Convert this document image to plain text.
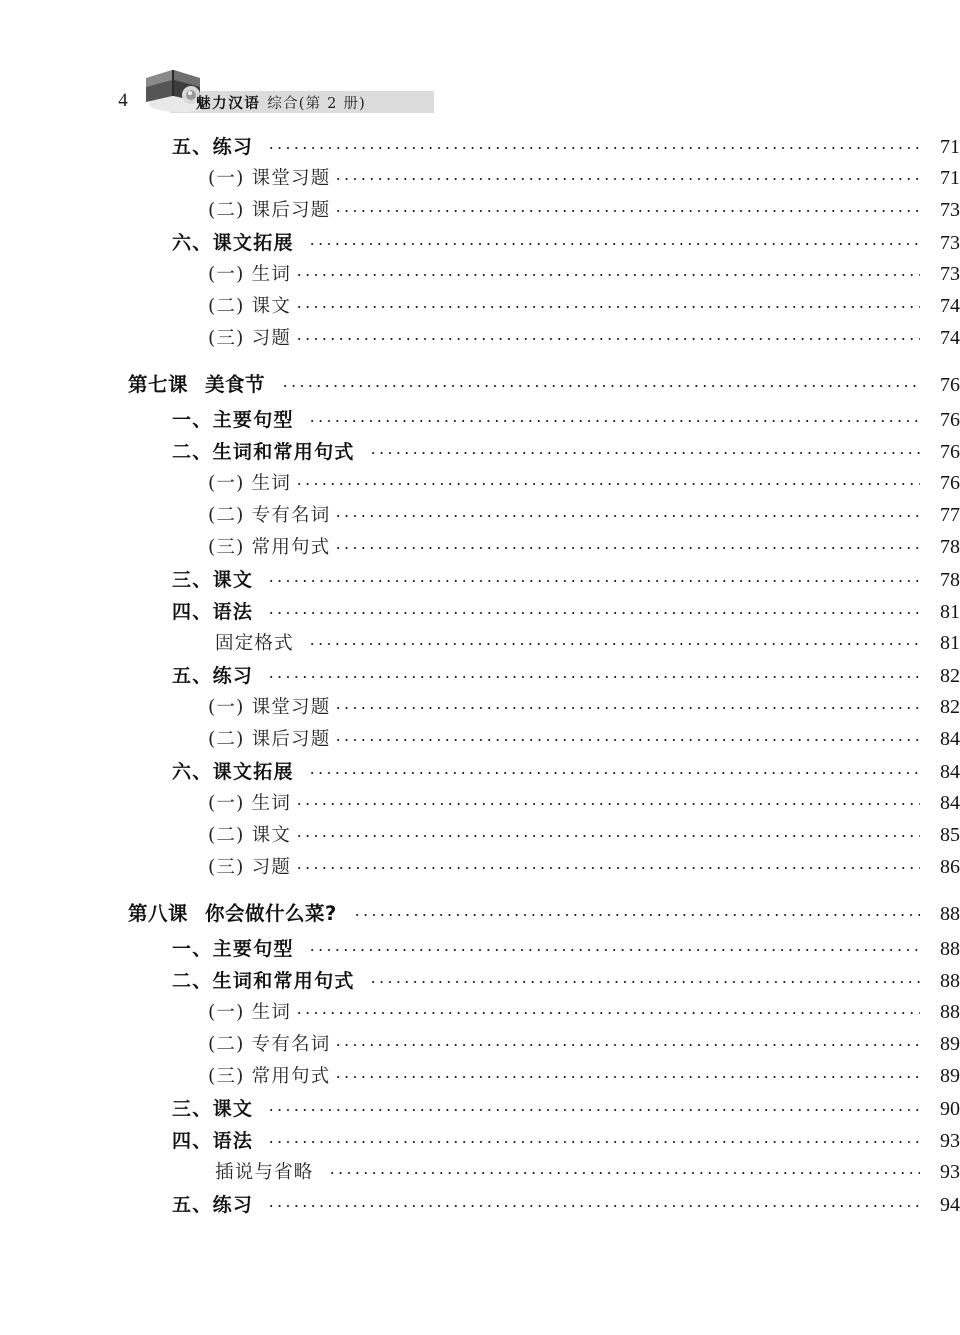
4	魅力汉语 综合(第 2 册)
五、练习	71
(一) 课堂习题	71
(二) 课后习题	73
六、课文拓展	73
(一) 生词	73
(二) 课文	74
(三) 习题	74
第七课 美食节	76
一、主要句型	76
二、生词和常用句式	76
(一) 生词	76
(二) 专有名词	77
(三) 常用句式	78
三、课文	78
四、语法	81
固定格式	81
五、练习	82
(一) 课堂习题	82
(二) 课后习题	84
六、课文拓展	84
(一) 生词	84
(二) 课文	85
(三) 习题	86
第八课 你会做什么菜?	88
一、主要句型	88
二、生词和常用句式	88
(一) 生词	88
(二) 专有名词	89
(三) 常用句式	89
三、课文	90
四、语法	93
插说与省略	93
五、练习	94
